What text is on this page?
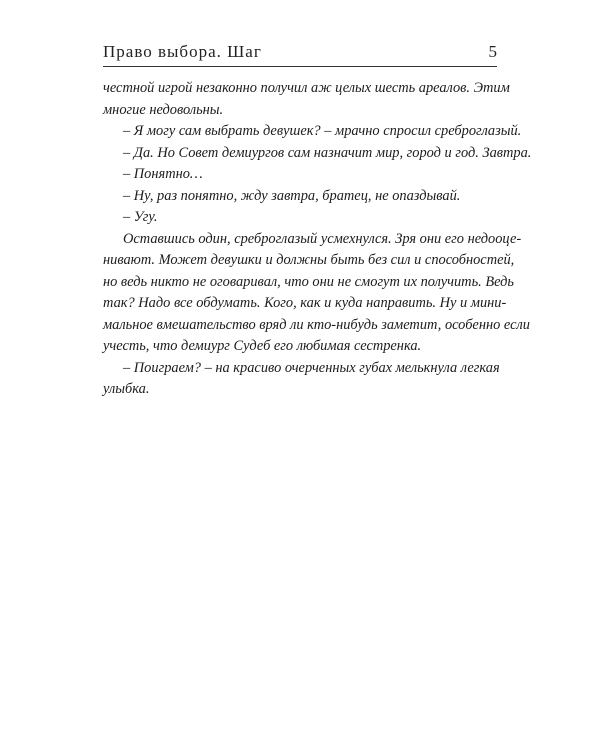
Право выбора. Шаг	5
честной игрой незаконно получил аж целых шесть ареалов. Этим
многие недовольны.
– Я могу сам выбрать девушек? – мрачно спросил среброглазый.
– Да. Но Совет демиургов сам назначит мир, город и год. Завтра.
– Понятно…
– Ну, раз понятно, жду завтра, братец, не опаздывай.
– Угу.
Оставшись один, среброглазый усмехнулся. Зря они его недооце-
нивают. Может девушки и должны быть без сил и способностей,
но ведь никто не оговаривал, что они не смогут их получить. Ведь
так? Надо все обдумать. Кого, как и куда направить. Ну и мини-
мальное вмешательство вряд ли кто-нибудь заметит, особенно если
учесть, что демиург Судеб его любимая сестренка.
– Поиграем? – на красиво очерченных губах мелькнула легкая
улыбка.
